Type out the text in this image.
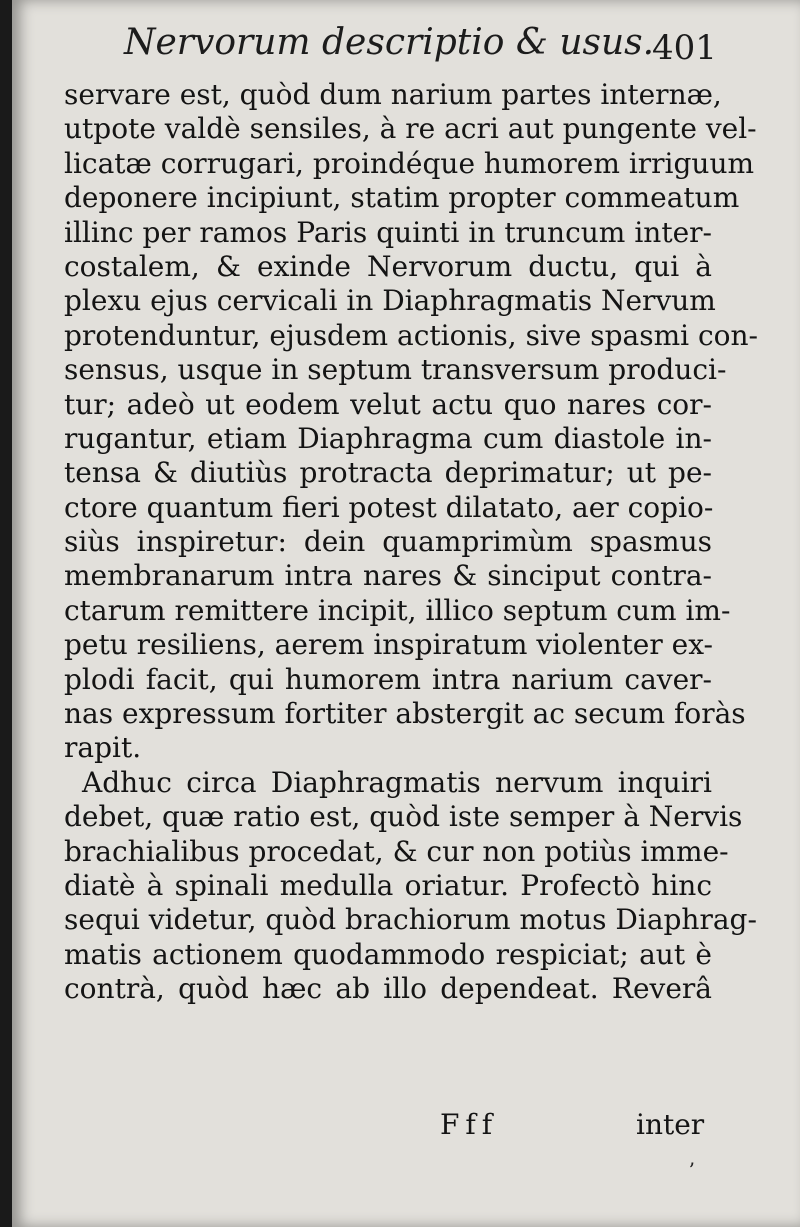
Nervorum descriptio & usus.
401
servare est, quòd dum narium partes internæ,
utpote valdè sensiles, à re acri aut pungente vel-
licatæ corrugari, proindéque humorem irriguum
deponere incipiunt, statim propter commeatum
illinc per ramos Paris quinti in truncum inter-
costalem, & exinde Nervorum ductu, qui à
plexu ejus cervicali in Diaphragmatis Nervum
protenduntur, ejusdem actionis, sive spasmi con-
sensus, usque in septum transversum produci-
tur; adeò ut eodem velut actu quo nares cor-
rugantur, etiam Diaphragma cum diastole in-
tensa & diutiùs protracta deprimatur; ut pe-
ctore quantum fieri potest dilatato, aer copio-
siùs inspiretur: dein quamprimùm spasmus
membranarum intra nares & sinciput contra-
ctarum remittere incipit, illico septum cum im-
petu resiliens, aerem inspiratum violenter ex-
plodi facit, qui humorem intra narium caver-
nas expressum fortiter abstergit ac secum foràs
rapit.
Adhuc circa Diaphragmatis nervum inquiri
debet, quæ ratio est, quòd iste semper à Nervis
brachialibus procedat, & cur non potiùs imme-
diatè à spinali medulla oriatur. Profectò hinc
sequi videtur, quòd brachiorum motus Diaphrag-
matis actionem quodammodo respiciat; aut è
contrà, quòd hæc ab illo dependeat. Reverâ
Fff	inter
ʼ
